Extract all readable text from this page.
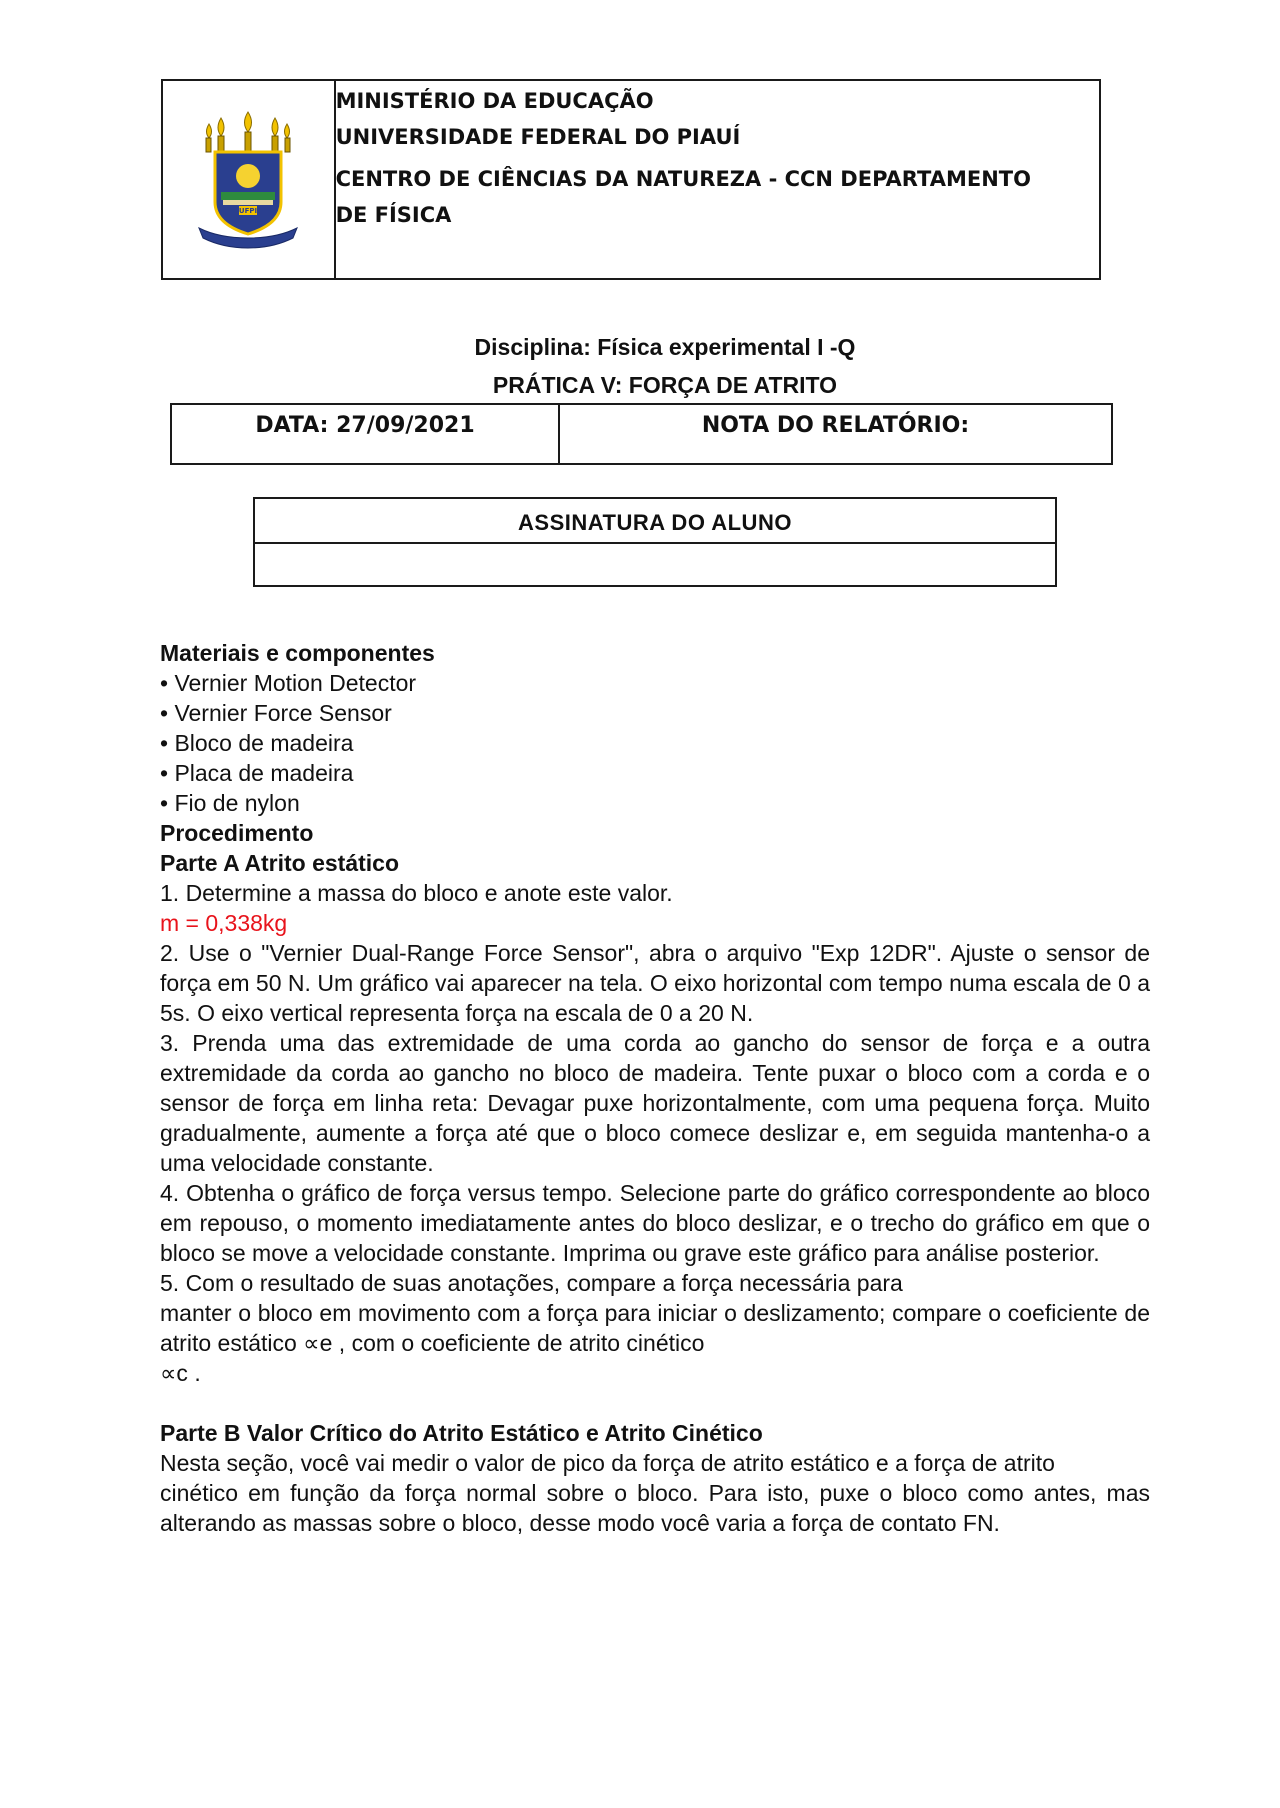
UFPI
MINISTÉRIO DA EDUCAÇÃO
UNIVERSIDADE FEDERAL DO PIAUÍ
CENTRO DE CIÊNCIAS DA NATUREZA - CCN DEPARTAMENTO DE FÍSICA
Disciplina: Física experimental I -Q
PRÁTICA V: FORÇA DE ATRITO
DATA: 27/09/2021	NOTA DO RELATÓRIO:
ASSINATURA DO ALUNO

Materiais e componentes

• Vernier Motion Detector

• Vernier Force Sensor

• Bloco de madeira

• Placa de madeira

• Fio de nylon

Procedimento

Parte A Atrito estático

1. Determine a massa do bloco e anote este valor.

m = 0,338kg

2. Use o "Vernier Dual-Range Force Sensor", abra o arquivo "Exp 12DR". Ajuste o sensor de força em 50 N. Um gráfico vai aparecer na tela. O eixo horizontal com tempo numa escala de 0 a 5s. O eixo vertical representa força na escala de 0 a 20 N.

3. Prenda uma das extremidade de uma corda ao gancho do sensor de força e a outra extremidade da corda ao gancho no bloco de madeira. Tente puxar o bloco com a corda e o sensor de força em linha reta: Devagar puxe horizontalmente, com uma pequena força. Muito gradualmente, aumente a força até que o bloco comece deslizar e, em seguida mantenha-o a uma velocidade constante.

4. Obtenha o gráfico de força versus tempo. Selecione parte do gráfico correspondente ao bloco em repouso, o momento imediatamente antes do bloco deslizar, e o trecho do gráfico em que o bloco se move a velocidade constante. Imprima ou grave este gráfico para análise posterior.

5. Com o resultado de suas anotações, compare a força necessária para

manter o bloco em movimento com a força para iniciar o deslizamento; compare o coeficiente de atrito estático ∝e , com o coeficiente de atrito cinético

∝c .

Parte B Valor Crítico do Atrito Estático e Atrito Cinético

Nesta seção, você vai medir o valor de pico da força de atrito estático e a força de atrito

cinético em função da força normal sobre o bloco. Para isto, puxe o bloco como antes, mas alterando as massas sobre o bloco, desse modo você varia a força de contato FN.
